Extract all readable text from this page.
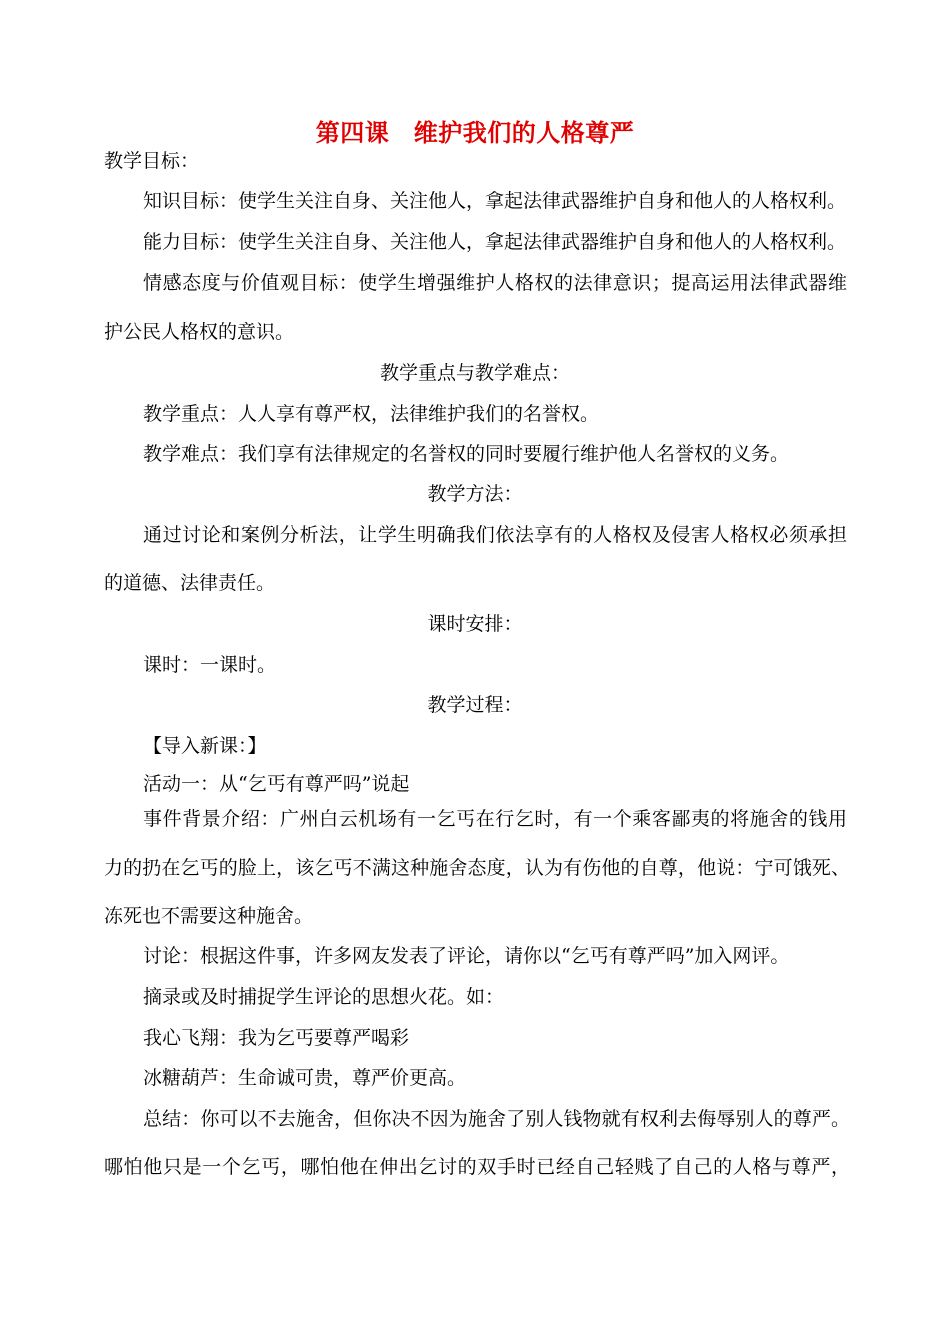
第四课　维护我们的人格尊严
教学目标：
知识目标：使学生关注自身、关注他人，拿起法律武器维护自身和他人的人格权利。
能力目标：使学生关注自身、关注他人，拿起法律武器维护自身和他人的人格权利。
情感态度与价值观目标：使学生增强维护人格权的法律意识；提高运用法律武器维
护公民人格权的意识。
教学重点与教学难点：
教学重点：人人享有尊严权，法律维护我们的名誉权。
教学难点：我们享有法律规定的名誉权的同时要履行维护他人名誉权的义务。
教学方法：
通过讨论和案例分析法，让学生明确我们依法享有的人格权及侵害人格权必须承担
的道德、法律责任。
课时安排：
课时：一课时。
教学过程：
【导入新课：】
活动一：从“乞丐有尊严吗”说起
事件背景介绍：广州白云机场有一乞丐在行乞时，有一个乘客鄙夷的将施舍的钱用
力的扔在乞丐的脸上，该乞丐不满这种施舍态度，认为有伤他的自尊，他说：宁可饿死、
冻死也不需要这种施舍。
讨论：根据这件事，许多网友发表了评论，请你以“乞丐有尊严吗”加入网评。
摘录或及时捕捉学生评论的思想火花。如：
我心飞翔：我为乞丐要尊严喝彩
冰糖葫芦：生命诚可贵，尊严价更高。
总结：你可以不去施舍，但你决不因为施舍了别人钱物就有权利去侮辱别人的尊严。
哪怕他只是一个乞丐，哪怕他在伸出乞讨的双手时已经自己轻贱了自己的人格与尊严，
